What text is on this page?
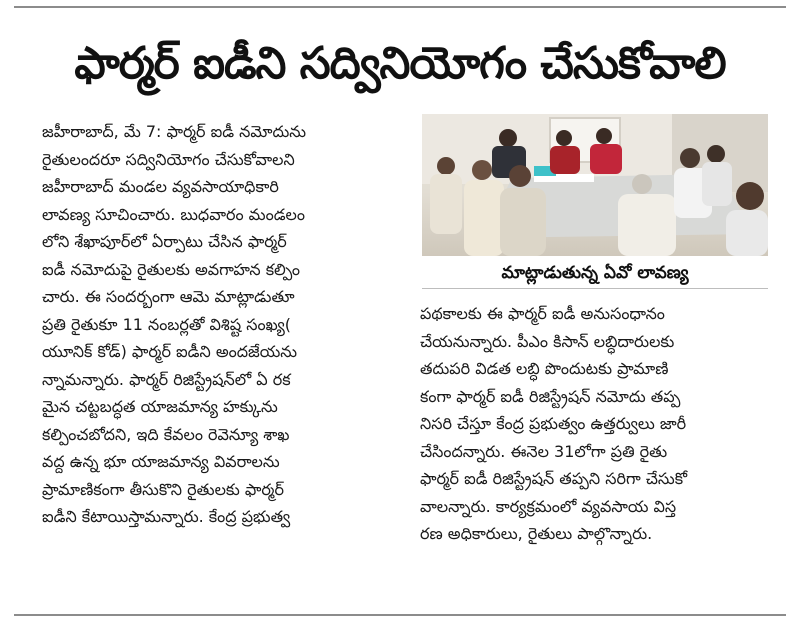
ఫార్మర్ ఐడీని సద్వినియోగం చేసుకోవాలి
జహీరాబాద్, మే 7: ఫార్మర్ ఐడీ నమోదును
రైతులందరూ సద్వినియోగం చేసుకోవాలని
జహీరాబాద్ మండల వ్యవసాయాధికారి
లావణ్య సూచించారు. బుధవారం మండలం
లోని శేఖాపూర్‌లో ఏర్పాటు చేసిన ఫార్మర్
ఐడీ నమోదుపై రైతులకు అవగాహన కల్పిం
చారు. ఈ సందర్బంగా ఆమె మాట్లాడుతూ
ప్రతి రైతుకూ 11 నంబర్లతో విశిష్ట సంఖ్య(
యూనిక్ కోడ్) ఫార్మర్ ఐడీని అందజేయను
న్నామన్నారు. ఫార్మర్ రిజిస్ట్రేషన్‌లో ఏ రక
మైన చట్టబద్ధత యాజమాన్య హక్కును
కల్పించబోదని, ఇది కేవలం రెవెన్యూ శాఖ
వద్ద ఉన్న భూ యాజమాన్య వివరాలను
ప్రామాణికంగా తీసుకొని రైతులకు ఫార్మర్
ఐడీని కేటాయిస్తామన్నారు. కేంద్ర ప్రభుత్వ
మాట్లాడుతున్న ఏవో లావణ్య
పథకాలకు ఈ ఫార్మర్ ఐడీ అనుసంధానం
చేయనున్నారు. పీఎం కిసాన్ లబ్ధిదారులకు
తదుపరి విడత లబ్ధి పొందుటకు ప్రామాణి
కంగా ఫార్మర్ ఐడీ రిజిస్ట్రేషన్ నమోదు తప్ప
నిసరి చేస్తూ కేంద్ర ప్రభుత్వం ఉత్తర్వులు జారీ
చేసిందన్నారు. ఈనెల 31లోగా ప్రతి రైతు
ఫార్మర్ ఐడీ రిజిస్ట్రేషన్ తప్పని సరిగా చేసుకో
వాలన్నారు. కార్యక్రమంలో వ్యవసాయ విస్త
రణ అధికారులు, రైతులు పాల్గొన్నారు.
